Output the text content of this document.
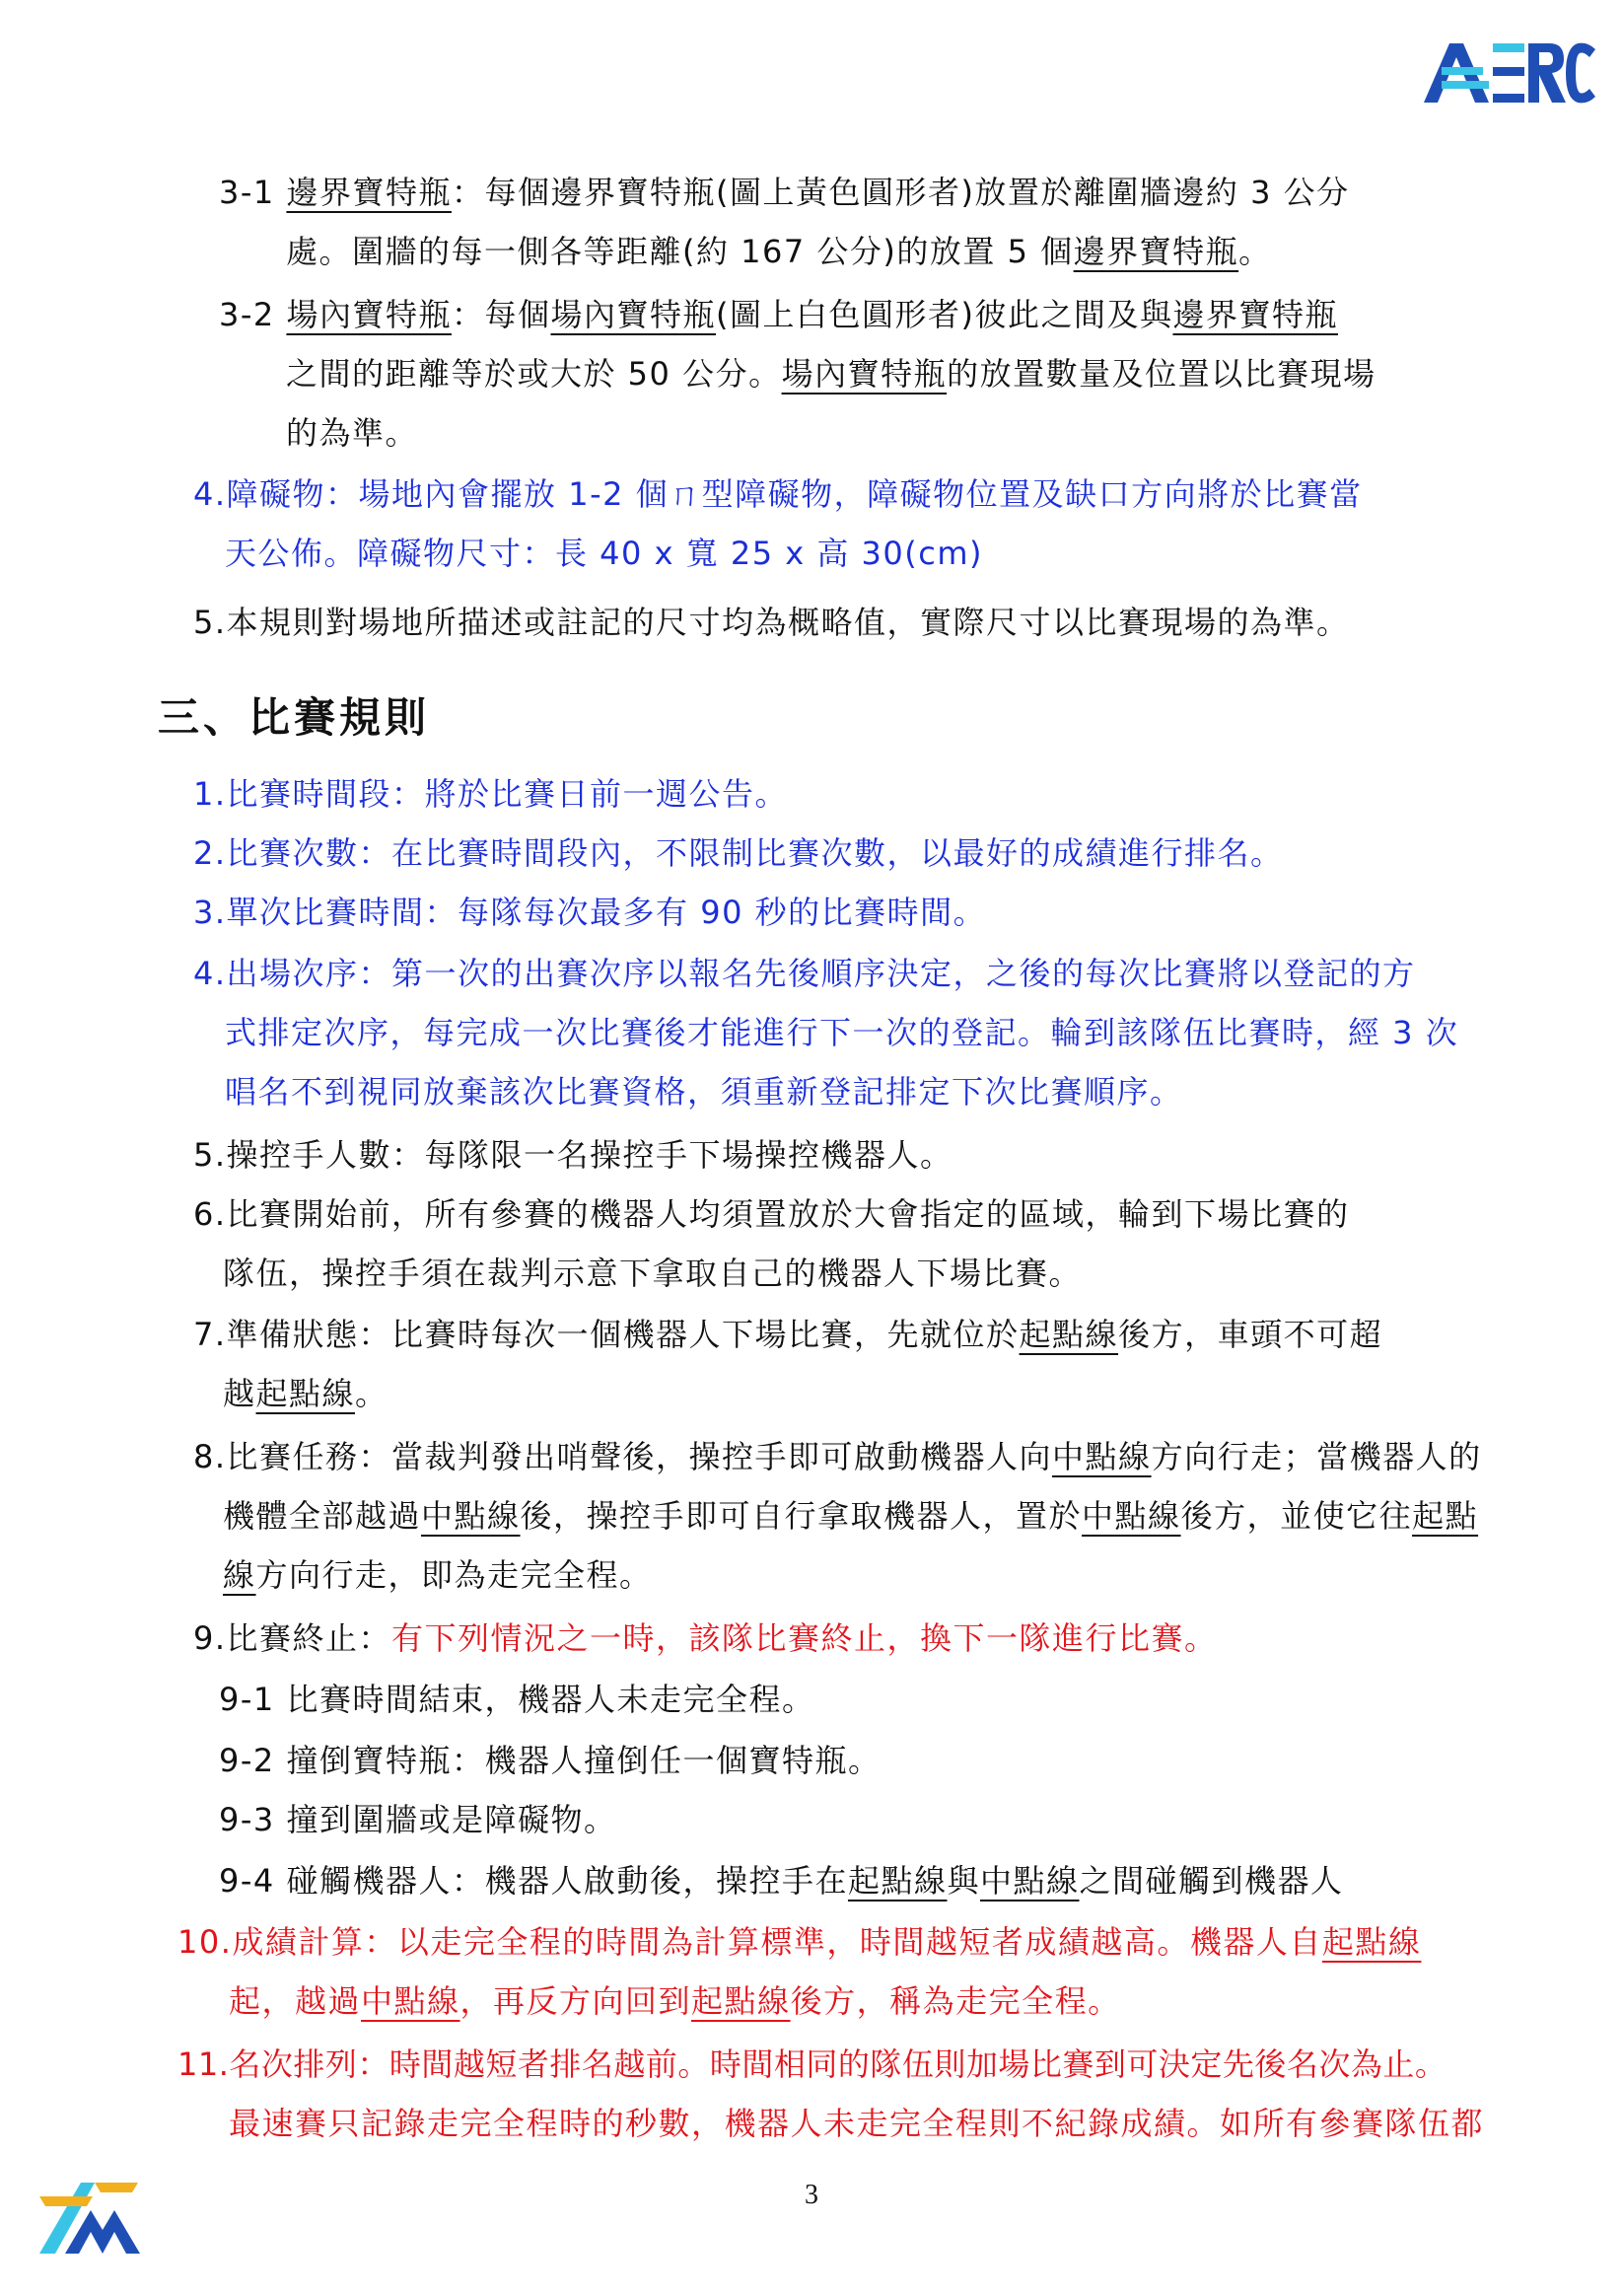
3-1 邊界寶特瓶：每個邊界寶特瓶(圖上黃色圓形者)放置於離圍牆邊約 3 公分
處。圍牆的每一側各等距離(約 167 公分)的放置 5 個邊界寶特瓶。
3-2 場內寶特瓶：每個場內寶特瓶(圖上白色圓形者)彼此之間及與邊界寶特瓶
之間的距離等於或大於 50 公分。場內寶特瓶的放置數量及位置以比賽現場
的為準。
4.障礙物：場地內會擺放 1-2 個ㄇ型障礙物，障礙物位置及缺口方向將於比賽當
天公佈。障礙物尺寸：長 40 x 寬 25 x 高 30(cm)
5.本規則對場地所描述或註記的尺寸均為概略值，實際尺寸以比賽現場的為準。
三、比賽規則
1.比賽時間段：將於比賽日前一週公告。
2.比賽次數：在比賽時間段內，不限制比賽次數，以最好的成績進行排名。
3.單次比賽時間：每隊每次最多有 90 秒的比賽時間。
4.出場次序：第一次的出賽次序以報名先後順序決定，之後的每次比賽將以登記的方
式排定次序，每完成一次比賽後才能進行下一次的登記。輪到該隊伍比賽時，經 3 次
唱名不到視同放棄該次比賽資格，須重新登記排定下次比賽順序。
5.操控手人數：每隊限一名操控手下場操控機器人。
6.比賽開始前，所有參賽的機器人均須置放於大會指定的區域，輪到下場比賽的
隊伍，操控手須在裁判示意下拿取自己的機器人下場比賽。
7.準備狀態：比賽時每次一個機器人下場比賽，先就位於起點線後方，車頭不可超
越起點線。
8.比賽任務：當裁判發出哨聲後，操控手即可啟動機器人向中點線方向行走；當機器人的
機體全部越過中點線後，操控手即可自行拿取機器人，置於中點線後方，並使它往起點
線方向行走，即為走完全程。
9.比賽終止：有下列情況之一時，該隊比賽終止，換下一隊進行比賽。
9-1 比賽時間結束，機器人未走完全程。
9-2 撞倒寶特瓶：機器人撞倒任一個寶特瓶。
9-3 撞到圍牆或是障礙物。
9-4 碰觸機器人：機器人啟動後，操控手在起點線與中點線之間碰觸到機器人
10.成績計算：以走完全程的時間為計算標準，時間越短者成績越高。機器人自起點線
起，越過中點線，再反方向回到起點線後方，稱為走完全程。
11.名次排列：時間越短者排名越前。時間相同的隊伍則加場比賽到可決定先後名次為止。
最速賽只記錄走完全程時的秒數，機器人未走完全程則不紀錄成績。如所有參賽隊伍都
3
